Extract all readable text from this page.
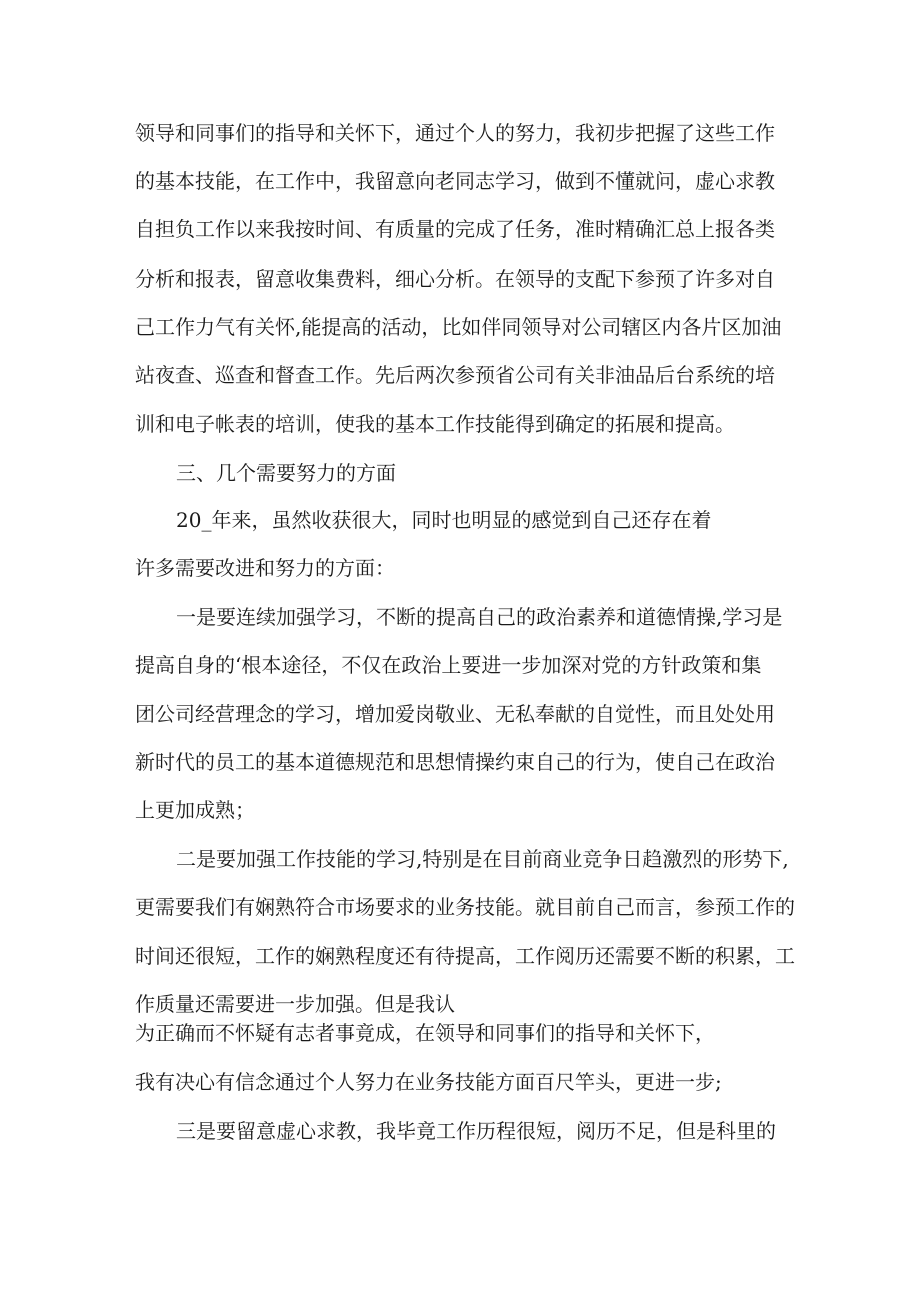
领导和同事们的指导和关怀下，通过个人的努力，我初步把握了这些工作
的基本技能，在工作中，我留意向老同志学习，做到不懂就问，虚心求教
自担负工作以来我按时间、有质量的完成了任务，准时精确汇总上报各类
分析和报表，留意收集费料，细心分析。在领导的支配下参预了许多对自
己工作力气有关怀,能提高的活动，比如伴同领导对公司辖区内各片区加油
站夜查、巡查和督查工作。先后两次参预省公司有关非油品后台系统的培
训和电子帐表的培训，使我的基本工作技能得到确定的拓展和提高。
三、几个需要努力的方面
20_年来，虽然收获很大，同时也明显的感觉到自己还存在着
许多需要改进和努力的方面：
一是要连续加强学习，不断的提高自己的政治素养和道德情操,学习是
提高自身的‘根本途径，不仅在政治上要进一步加深对党的方针政策和集
团公司经营理念的学习，增加爱岗敬业、无私奉献的自觉性，而且处处用
新时代的员工的基本道德规范和思想情操约束自己的行为，使自己在政治
上更加成熟；
二是要加强工作技能的学习,特别是在目前商业竞争日趋激烈的形势下,
更需要我们有娴熟符合市场要求的业务技能。就目前自己而言，参预工作的
时间还很短，工作的娴熟程度还有待提高，工作阅历还需要不断的积累，工
作质量还需要进一步加强。但是我认
为正确而不怀疑有志者事竟成，在领导和同事们的指导和关怀下，
我有决心有信念通过个人努力在业务技能方面百尺竿头，更进一步;
三是要留意虚心求教，我毕竟工作历程很短，阅历不足，但是科里的
